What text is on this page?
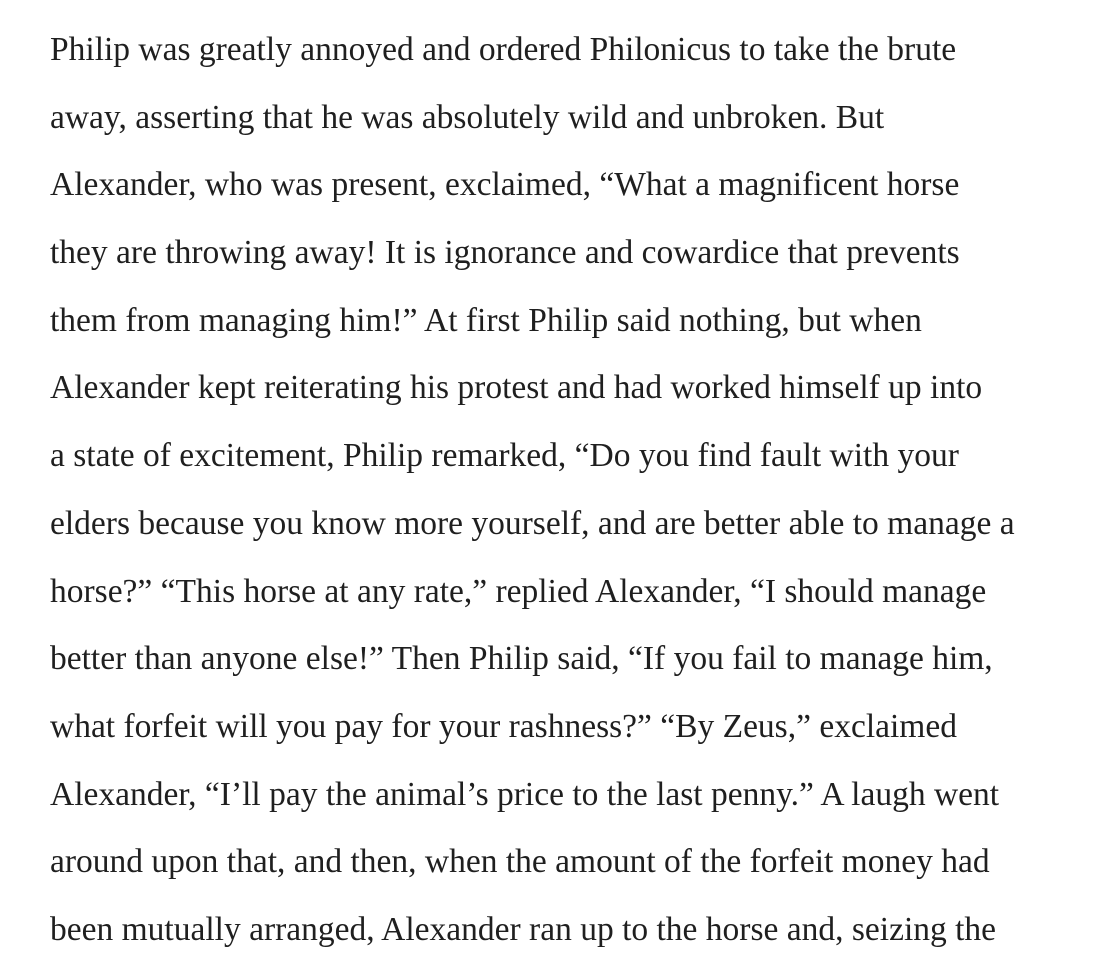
Philip was greatly annoyed and ordered Philonicus to take the brute
away, asserting that he was absolutely wild and unbroken. But
Alexander, who was present, exclaimed, “What a magnificent horse
they are throwing away! It is ignorance and cowardice that prevents
them from managing him!” At first Philip said nothing, but when
Alexander kept reiterating his protest and had worked himself up into
a state of excitement, Philip remarked, “Do you find fault with your
elders because you know more yourself, and are better able to manage a
horse?” “This horse at any rate,” replied Alexander, “I should manage
better than anyone else!” Then Philip said, “If you fail to manage him,
what forfeit will you pay for your rashness?” “By Zeus,” exclaimed
Alexander, “I’ll pay the animal’s price to the last penny.” A laugh went
around upon that, and then, when the amount of the forfeit money had
been mutually arranged, Alexander ran up to the horse and, seizing the
